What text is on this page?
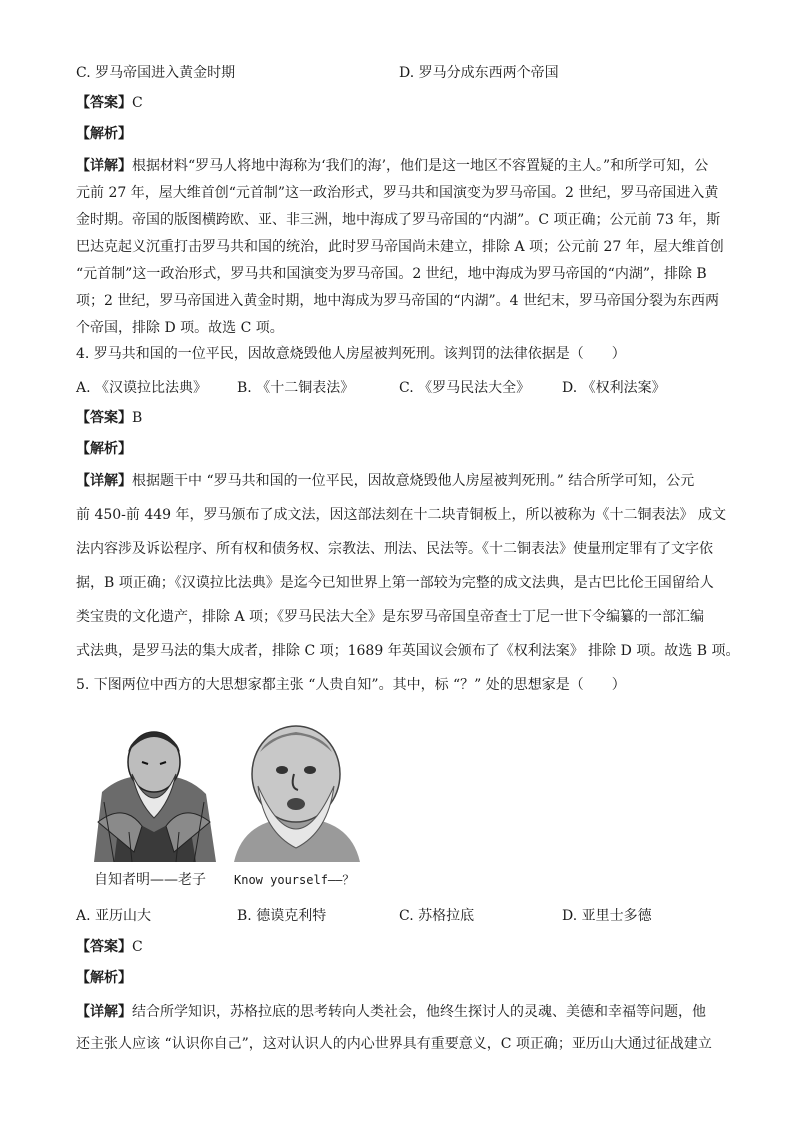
C. 罗马帝国进入黄金时期	D. 罗马分成东西两个帝国
【答案】C
【解析】
【详解】根据材料“罗马人将地中海称为‘我们的海’，他们是这一地区不容置疑的主人。”和所学可知，公
元前 27 年，屋大维首创“元首制”这一政治形式，罗马共和国演变为罗马帝国。2 世纪，罗马帝国进入黄
金时期。帝国的版图横跨欧、亚、非三洲，地中海成了罗马帝国的“内湖”。C 项正确；公元前 73 年，斯
巴达克起义沉重打击罗马共和国的统治，此时罗马帝国尚未建立，排除 A 项；公元前 27 年，屋大维首创
“元首制”这一政治形式，罗马共和国演变为罗马帝国。2 世纪，地中海成为罗马帝国的“内湖”，排除 B
项；2 世纪，罗马帝国进入黄金时期，地中海成为罗马帝国的“内湖”。4 世纪末，罗马帝国分裂为东西两
个帝国，排除 D 项。故选 C 项。
4. 罗马共和国的一位平民，因故意烧毁他人房屋被判死刑。该判罚的法律依据是（　　）
A. 《汉谟拉比法典》 B. 《十二铜表法》	C. 《罗马民法大全》 D. 《权利法案》
【答案】B
【解析】
【详解】根据题干中 “罗马共和国的一位平民，因故意烧毁他人房屋被判死刑。” 结合所学可知，公元
前 450-前 449 年，罗马颁布了成文法，因这部法刻在十二块青铜板上，所以被称为《十二铜表法》 成文
法内容涉及诉讼程序、所有权和债务权、宗教法、刑法、民法等。《十二铜表法》使量刑定罪有了文字依
据，B 项正确；《汉谟拉比法典》是迄今已知世界上第一部较为完整的成文法典，是古巴比伦王国留给人
类宝贵的文化遗产，排除 A 项；《罗马民法大全》是东罗马帝国皇帝查士丁尼一世下令编纂的一部汇编
式法典，是罗马法的集大成者，排除 C 项；1689 年英国议会颁布了《权利法案》 排除 D 项。故选 B 项。
5. 下图两位中西方的大思想家都主张 “人贵自知”。其中，标 “？” 处的思想家是（　　）
自知者明——老子 Know yourself——？
A. 亚历山大	B. 德谟克利特	C. 苏格拉底	D. 亚里士多德
【答案】C
【解析】
【详解】结合所学知识，苏格拉底的思考转向人类社会，他终生探讨人的灵魂、美德和幸福等问题，他
还主张人应该 “认识你自己”，这对认识人的内心世界具有重要意义，C 项正确；亚历山大通过征战建立
